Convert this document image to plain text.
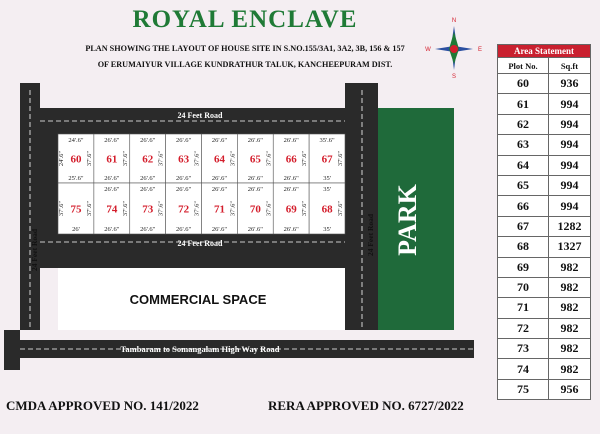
ROYAL ENCLAVE
PLAN SHOWING THE LAYOUT OF HOUSE SITE IN S.NO.155/3A1, 3A2, 3B, 156 & 157
OF ERUMAIYUR VILLAGE KUNDRATHUR TALUK, KANCHEEPURAM DIST.
PARK
COMMERCIAL SPACE
24 Feet Road
24 Feet Road
24 Feet Road	24 Feet Road
Tambaram to Somangalam High Way Road
60
24'.6"
25'.6"
24'.6"	37'.6" 61
26'.6"
26'.6"
37'.6" 62
26'.6"
26'.6"
37'.6" 63
26'.6"
26'.6"
37'.6" 64
26'.6"
26'.6"
37'.6" 65
26'.6"
26'.6"
37'.6" 66
26'.6"
26'.6"
37'.6" 67
35'.6"
35'
37'.6"
75
26'
37'.6"	37'.6" 74
26'.6"
26'.6"
37'.6" 73
26'.6"
26'.6"
37'.6" 72
26'.6"
26'.6"
37'.6" 71
26'.6"
26'.6"
37'.6" 70
26'.6"
26'.6"
37'.6" 69
26'.6"
26'.6"
37'.6" 68
35'
35'
37'.6"
N
S
W	E	Area Statement	
Plot No.	Sq.ft
60	936
61	994
62	994
63	994
64	994
65	994
66	994
67	1282
68	1327
69	982
70	982
71	982
72	982
73	982
74	982
75	956
CMDA APPROVED NO. 141/2022	RERA APPROVED NO. 6727/2022
